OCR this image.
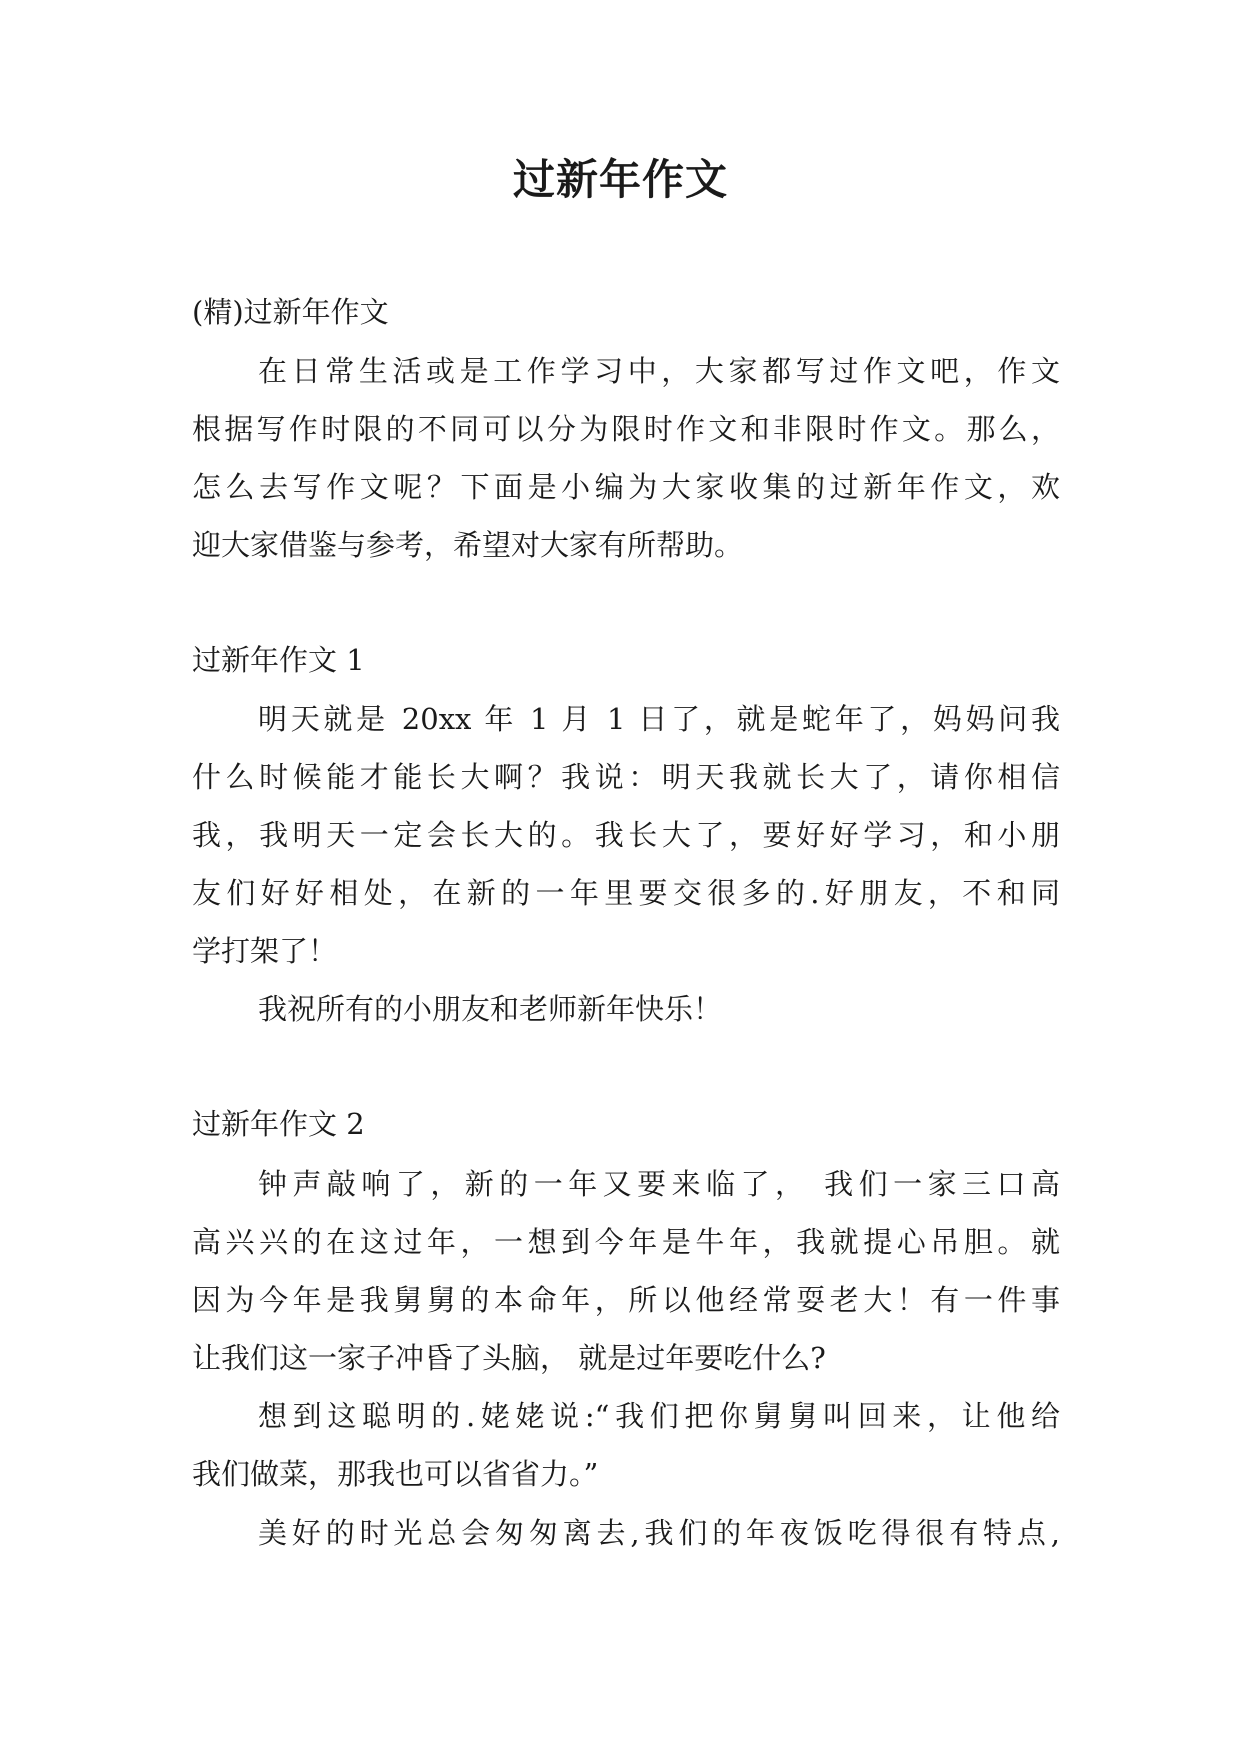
过新年作文

(精)过新年作文

在日常生活或是工作学习中，大家都写过作文吧，作文

根据写作时限的不同可以分为限时作文和非限时作文。那么，

怎么去写作文呢？下面是小编为大家收集的过新年作文，欢

迎大家借鉴与参考，希望对大家有所帮助。

过新年作文 1

明天就是 20xx 年 1 月 1 日了，就是蛇年了，妈妈问我

什么时候能才能长大啊？我说：明天我就长大了，请你相信

我，我明天一定会长大的。我长大了，要好好学习，和小朋

友们好好相处，在新的一年里要交很多的.好朋友，不和同

学打架了！

我祝所有的小朋友和老师新年快乐！

过新年作文 2

钟声敲响了，新的一年又要来临了， 我们一家三口高

高兴兴的在这过年，一想到今年是牛年，我就提心吊胆。就

因为今年是我舅舅的本命年，所以他经常耍老大！有一件事

让我们这一家子冲昏了头脑， 就是过年要吃什么?

想到这聪明的.姥姥说:“我们把你舅舅叫回来，让他给

我们做菜，那我也可以省省力。”

美好的时光总会匆匆离去,我们的年夜饭吃得很有特点,
